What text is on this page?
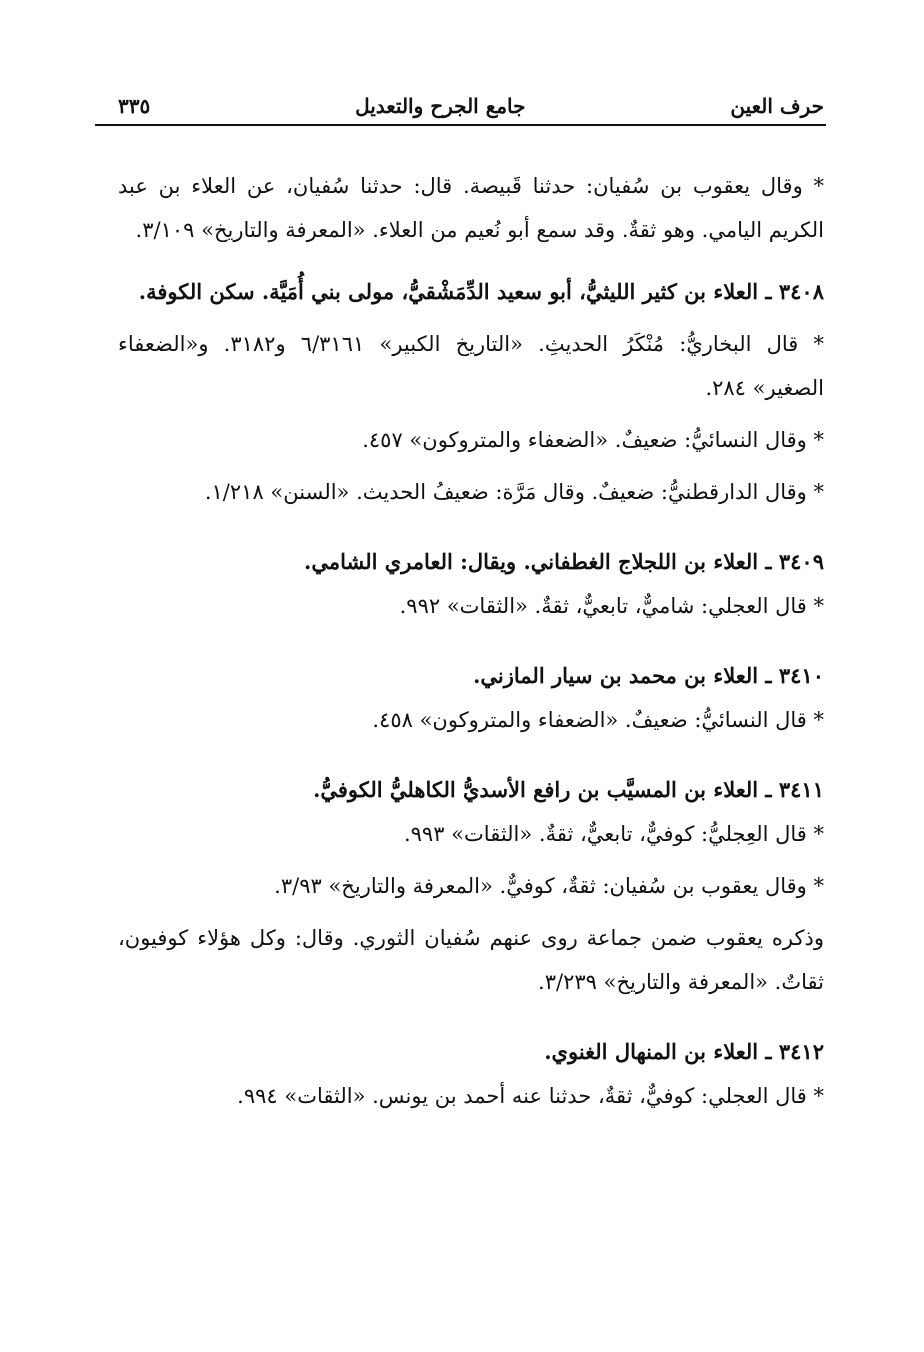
حرف العين
جامع الجرح والتعديل
٣٣٥

* وقال يعقوب بن سُفيان: حدثنا قَبيصة. قال: حدثنا سُفيان، عن العلاء بن عبد الكريم اليامي. وهو ثقةٌ. وقد سمع أبو نُعيم من العلاء. «المعرفة والتاريخ» ٣/١٠٩.

٣٤٠٨ ـ العلاء بن كثير الليثيُّ، أبو سعيد الدِّمَشْقيُّ، مولى بني أُمَيَّة. سكن الكوفة.

* قال البخاريُّ: مُنْكَرُ الحديثِ. «التاريخ الكبير» ٦/٣١٦١ و٣١٨٢. و«الضعفاء الصغير» ٢٨٤.

* وقال النسائيُّ: ضعيفٌ. «الضعفاء والمتروكون» ٤٥٧.

* وقال الدارقطنيُّ: ضعيفٌ. وقال مَرَّة: ضعيفُ الحديث. «السنن» ١/٢١٨.

٣٤٠٩ ـ العلاء بن اللجلاج الغطفاني. ويقال: العامري الشامي.

* قال العجلي: شاميٌّ، تابعيٌّ، ثقةٌ. «الثقات» ٩٩٢.

٣٤١٠ ـ العلاء بن محمد بن سيار المازني.

* قال النسائيُّ: ضعيفٌ. «الضعفاء والمتروكون» ٤٥٨.

٣٤١١ ـ العلاء بن المسيَّب بن رافع الأسديُّ الكاهليُّ الكوفيُّ.

* قال العِجليُّ: كوفيٌّ، تابعيٌّ، ثقةٌ. «الثقات» ٩٩٣.

* وقال يعقوب بن سُفيان: ثقةٌ، كوفيٌّ. «المعرفة والتاريخ» ٣/٩٣.

وذكره يعقوب ضمن جماعة روى عنهم سُفيان الثوري. وقال: وكل هؤلاء كوفيون، ثقاتٌ. «المعرفة والتاريخ» ٣/٢٣٩.

٣٤١٢ ـ العلاء بن المنهال الغنوي.

* قال العجلي: كوفيٌّ، ثقةٌ، حدثنا عنه أحمد بن يونس. «الثقات» ٩٩٤.
